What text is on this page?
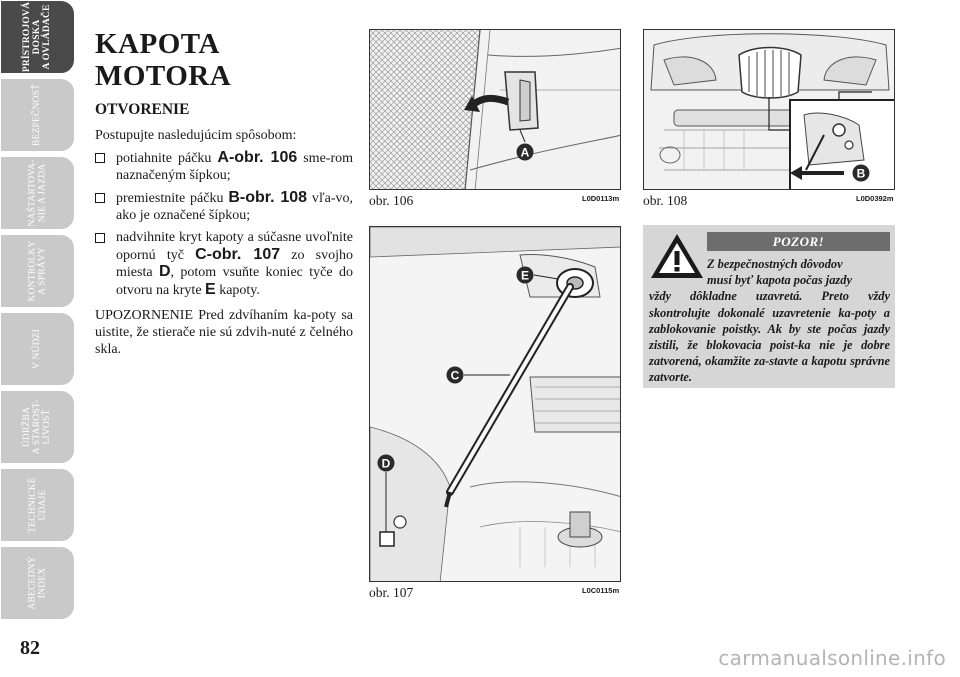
PRÍSTROJOVÁ
DOSKA
A OVLÁDAČE
BEZPEČNOSŤ
NAŠTARTOVA-
NIE A JAZDA
KONTROLKY
A SPRÁVY
V NÚDZI
ÚDRŽBA
A STAROST-
LIVOSŤ
TECHNICKÉ
ÚDAJE
ABECEDNÝ
INDEX
82
KAPOTA MOTORA
OTVORENIE

Postupujte nasledujúcim spôsobom:

potiahnite páčku A-obr. 106 sme-rom naznačeným šípkou;
premiestnite páčku B-obr. 108 vľa-vo, ako je označené šípkou;
nadvihnite kryt kapoty a súčasne uvoľnite opornú tyč C-obr. 107 zo svojho miesta D, potom vsuňte koniec tyče do otvoru na kryte E kapoty.

UPOZORNENIE Pred zdvíhaním ka-poty sa uistite, že stierače nie sú zdvih-nuté z čelného skla.

A
obr. 106	L0D0113m
B
obr. 108	L0D0392m
E
C
D
obr. 107	L0C0115m
POZOR!
Z bezpečnostných dôvodov
musí byť kapota počas jazdy
vždy dôkladne uzavretá. Preto vždy skontrolujte dokonalé uzavretenie ka-poty a zablokovanie poistky. Ak by ste počas jazdy zistili, že blokovacia poist-ka nie je dobre zatvorená, okamžite za-stavte a kapotu správne zatvorte.
carmanualsonline.info
